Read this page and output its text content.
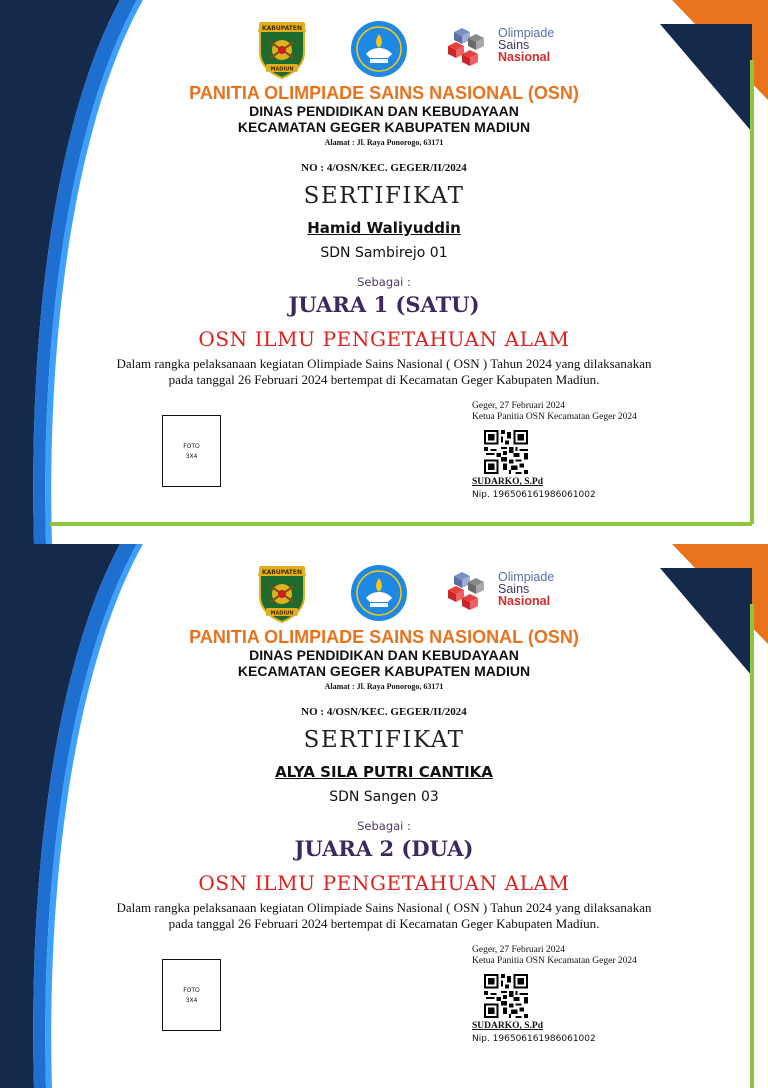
KABUPATEN
MADIUN
Olimpiade
Sains
Nasional
PANITIA OLIMPIADE SAINS NASIONAL (OSN)
DINAS PENDIDIKAN DAN KEBUDAYAAN
KECAMATAN GEGER KABUPATEN MADIUN
Alamat : Jl. Raya Ponorogo, 63171
NO : 4/OSN/KEC. GEGER/II/2024
SERTIFIKAT
Hamid Waliyuddin
SDN Sambirejo 01
Sebagai :
JUARA 1 (SATU)
OSN ILMU PENGETAHUAN ALAM
Dalam rangka pelaksanaan kegiatan Olimpiade Sains Nasional ( OSN ) Tahun 2024 yang dilaksanakan
pada tanggal 26 Februari 2024 bertempat di Kecamatan Geger Kabupaten Madiun.
FOTO
3X4
Geger, 27 Februari 2024
Ketua Panitia OSN Kecamatan Geger 2024
SUDARKO, S.Pd
Nip. 196506161986061002
KABUPATEN
MADIUN
Olimpiade
Sains
Nasional
PANITIA OLIMPIADE SAINS NASIONAL (OSN)
DINAS PENDIDIKAN DAN KEBUDAYAAN
KECAMATAN GEGER KABUPATEN MADIUN
Alamat : Jl. Raya Ponorogo, 63171
NO : 4/OSN/KEC. GEGER/II/2024
SERTIFIKAT
ALYA SILA PUTRI CANTIKA
SDN Sangen 03
Sebagai :
JUARA 2 (DUA)
OSN ILMU PENGETAHUAN ALAM
Dalam rangka pelaksanaan kegiatan Olimpiade Sains Nasional ( OSN ) Tahun 2024 yang dilaksanakan
pada tanggal 26 Februari 2024 bertempat di Kecamatan Geger Kabupaten Madiun.
FOTO
3X4
Geger, 27 Februari 2024
Ketua Panitia OSN Kecamatan Geger 2024
SUDARKO, S.Pd
Nip. 196506161986061002
